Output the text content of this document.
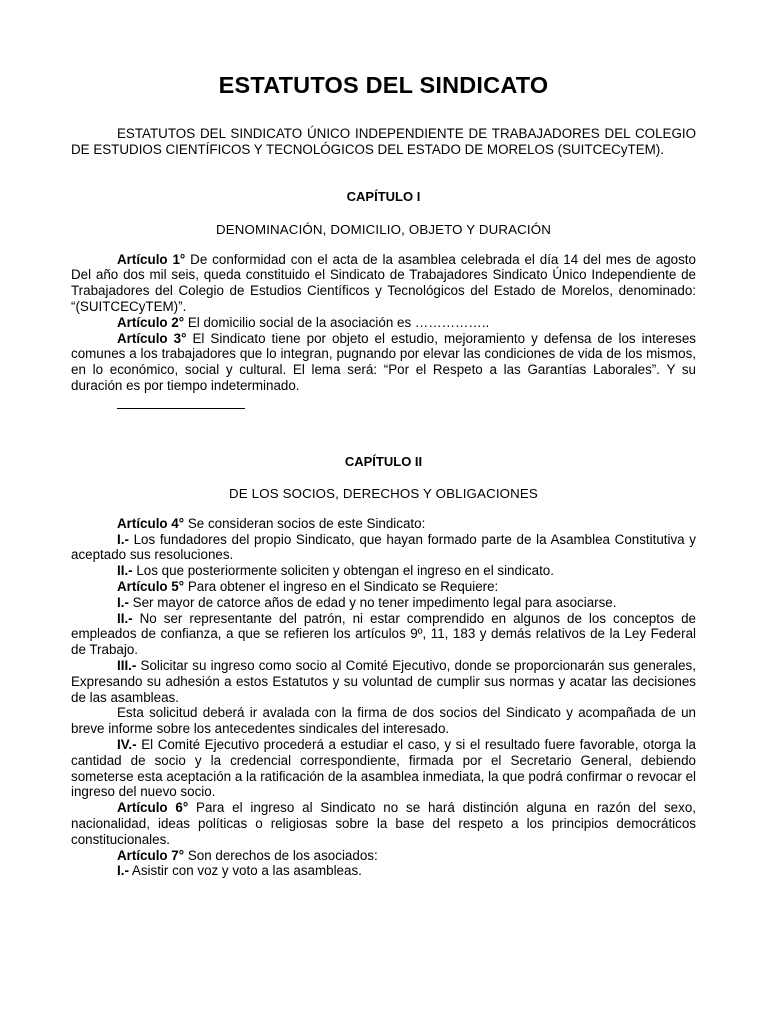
ESTATUTOS DEL SINDICATO

ESTATUTOS DEL SINDICATO ÚNICO INDEPENDIENTE DE TRABAJADORES DEL COLEGIO DE ESTUDIOS CIENTÍFICOS Y TECNOLÓGICOS DEL ESTADO DE MORELOS (SUITCECyTEM).

CAPÍTULO I

DENOMINACIÓN, DOMICILIO, OBJETO Y DURACIÓN

Artículo 1° De conformidad con el acta de la asamblea celebrada el día 14 del mes de agosto Del año dos mil seis, queda constituido el Sindicato de Trabajadores Sindicato Único Independiente de Trabajadores del Colegio de Estudios Científicos y Tecnológicos del Estado de Morelos, denominado: “(SUITCECyTEM)”.

Artículo 2° El domicilio social de la asociación es ……………..

Artículo 3° El Sindicato tiene por objeto el estudio, mejoramiento y defensa de los intereses comunes a los trabajadores que lo integran, pugnando por elevar las condiciones de vida de los mismos, en lo económico, social y cultural. El lema será: “Por el Respeto a las Garantías Laborales”. Y su duración es por tiempo indeterminado.

CAPÍTULO II

DE LOS SOCIOS, DERECHOS Y OBLIGACIONES

Artículo 4° Se consideran socios de este Sindicato:

I.- Los fundadores del propio Sindicato, que hayan formado parte de la Asamblea Constitutiva y aceptado sus resoluciones.

II.- Los que posteriormente soliciten y obtengan el ingreso en el sindicato.

Artículo 5° Para obtener el ingreso en el Sindicato se Requiere:

I.- Ser mayor de catorce años de edad y no tener impedimento legal para asociarse.

II.- No ser representante del patrón, ni estar comprendido en algunos de los conceptos de empleados de confianza, a que se refieren los artículos 9º, 11, 183 y demás relativos de la Ley Federal de Trabajo.

III.- Solicitar su ingreso como socio al Comité Ejecutivo, donde se proporcionarán sus generales, Expresando su adhesión a estos Estatutos y su voluntad de cumplir sus normas y acatar las decisiones de las asambleas.

Esta solicitud deberá ir avalada con la firma de dos socios del Sindicato y acompañada de un breve informe sobre los antecedentes sindicales del interesado.

IV.- El Comité Ejecutivo procederá a estudiar el caso, y si el resultado fuere favorable, otorga la cantidad de socio y la credencial correspondiente, firmada por el Secretario General, debiendo someterse esta aceptación a la ratificación de la asamblea inmediata, la que podrá confirmar o revocar el ingreso del nuevo socio.

Artículo 6° Para el ingreso al Sindicato no se hará distinción alguna en razón del sexo, nacionalidad, ideas políticas o religiosas sobre la base del respeto a los principios democráticos constitucionales.

Artículo 7° Son derechos de los asociados:

I.- Asistir con voz y voto a las asambleas.
